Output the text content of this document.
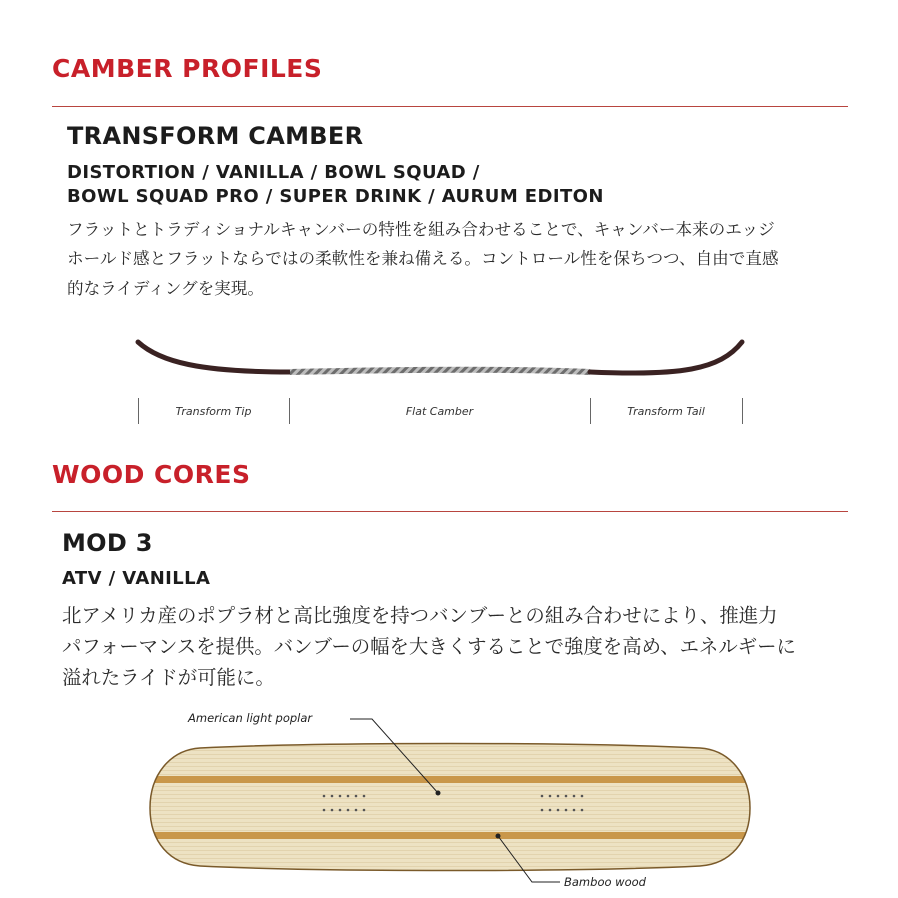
CAMBER PROFILES
TRANSFORM CAMBER
DISTORTION / VANILLA / BOWL SQUAD /
BOWL SQUAD PRO / SUPER DRINK / AURUM EDITON
フラットとトラディショナルキャンバーの特性を組み合わせることで、キャンバー本来のエッジ
ホールド感とフラットならではの柔軟性を兼ね備える。コントロール性を保ちつつ、自由で直感
的なライディングを実現。
Transform Tip	Flat Camber	Transform Tail
WOOD CORES
MOD 3
ATV / VANILLA
北アメリカ産のポプラ材と高比強度を持つバンブーとの組み合わせにより、推進力
パフォーマンスを提供。バンブーの幅を大きくすることで強度を高め、エネルギーに
溢れたライドが可能に。
American light poplar
Bamboo wood
